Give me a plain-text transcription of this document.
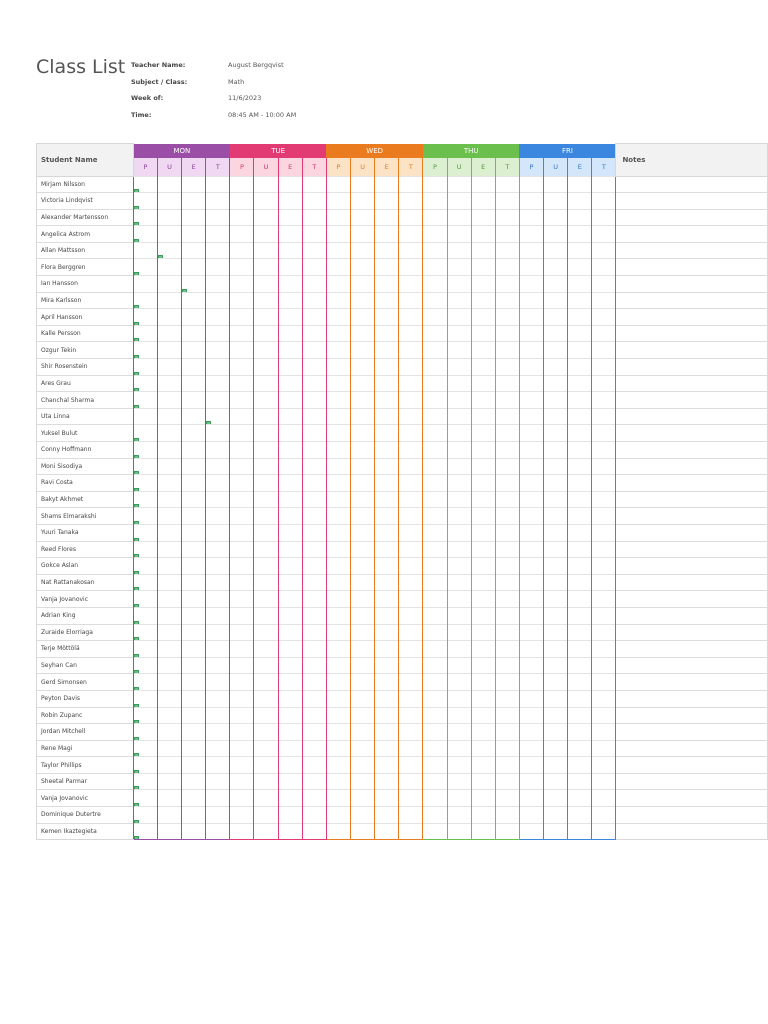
Class List Teacher Name:	August Bergqvist
Subject / Class:	Math
Week of:	11/6/2023
Time:	08:45 AM - 10:00 AM
Student Name	MON				TUE				WED				THU				FRI				Notes
	P	U	E	T	P	U	E	T	P	U	E	T	P	U	E	T	P	U	E	T	
Mirjam Nilsson	

Victoria Lindqvist	

Alexander Martensson	

Angelica Astrom	

Allan Mattsson		

Flora Berggren	

Ian Hansson			

Mira Karlsson	

April Hansson	

Kalle Persson	

Ozgur Tekin	

Shir Rosenstein	

Ares Grau	

Chanchal Sharma	

Uta Linna				

Yuksel Bulut	

Conny Hoffmann	

Moni Sisodiya	

Ravi Costa	

Bakyt Akhmet	

Shams Elmarakshi	

Yuuri Tanaka	

Reed Flores	

Gokce Aslan	

Nat Rattanakosan	

Vanja Jovanovic	

Adrian King	

Zuraide Elorriaga	

Terje Möttölä	

Seyhan Can	

Gerd Simonsen	

Peyton Davis	

Robin Zupanc	

Jordan Mitchell	

Rene Magi	

Taylor Phillips	

Sheetal Parmar	

Vanja Jovanovic	

Dominique Dutertre	

Kemen Ikaztegieta	
